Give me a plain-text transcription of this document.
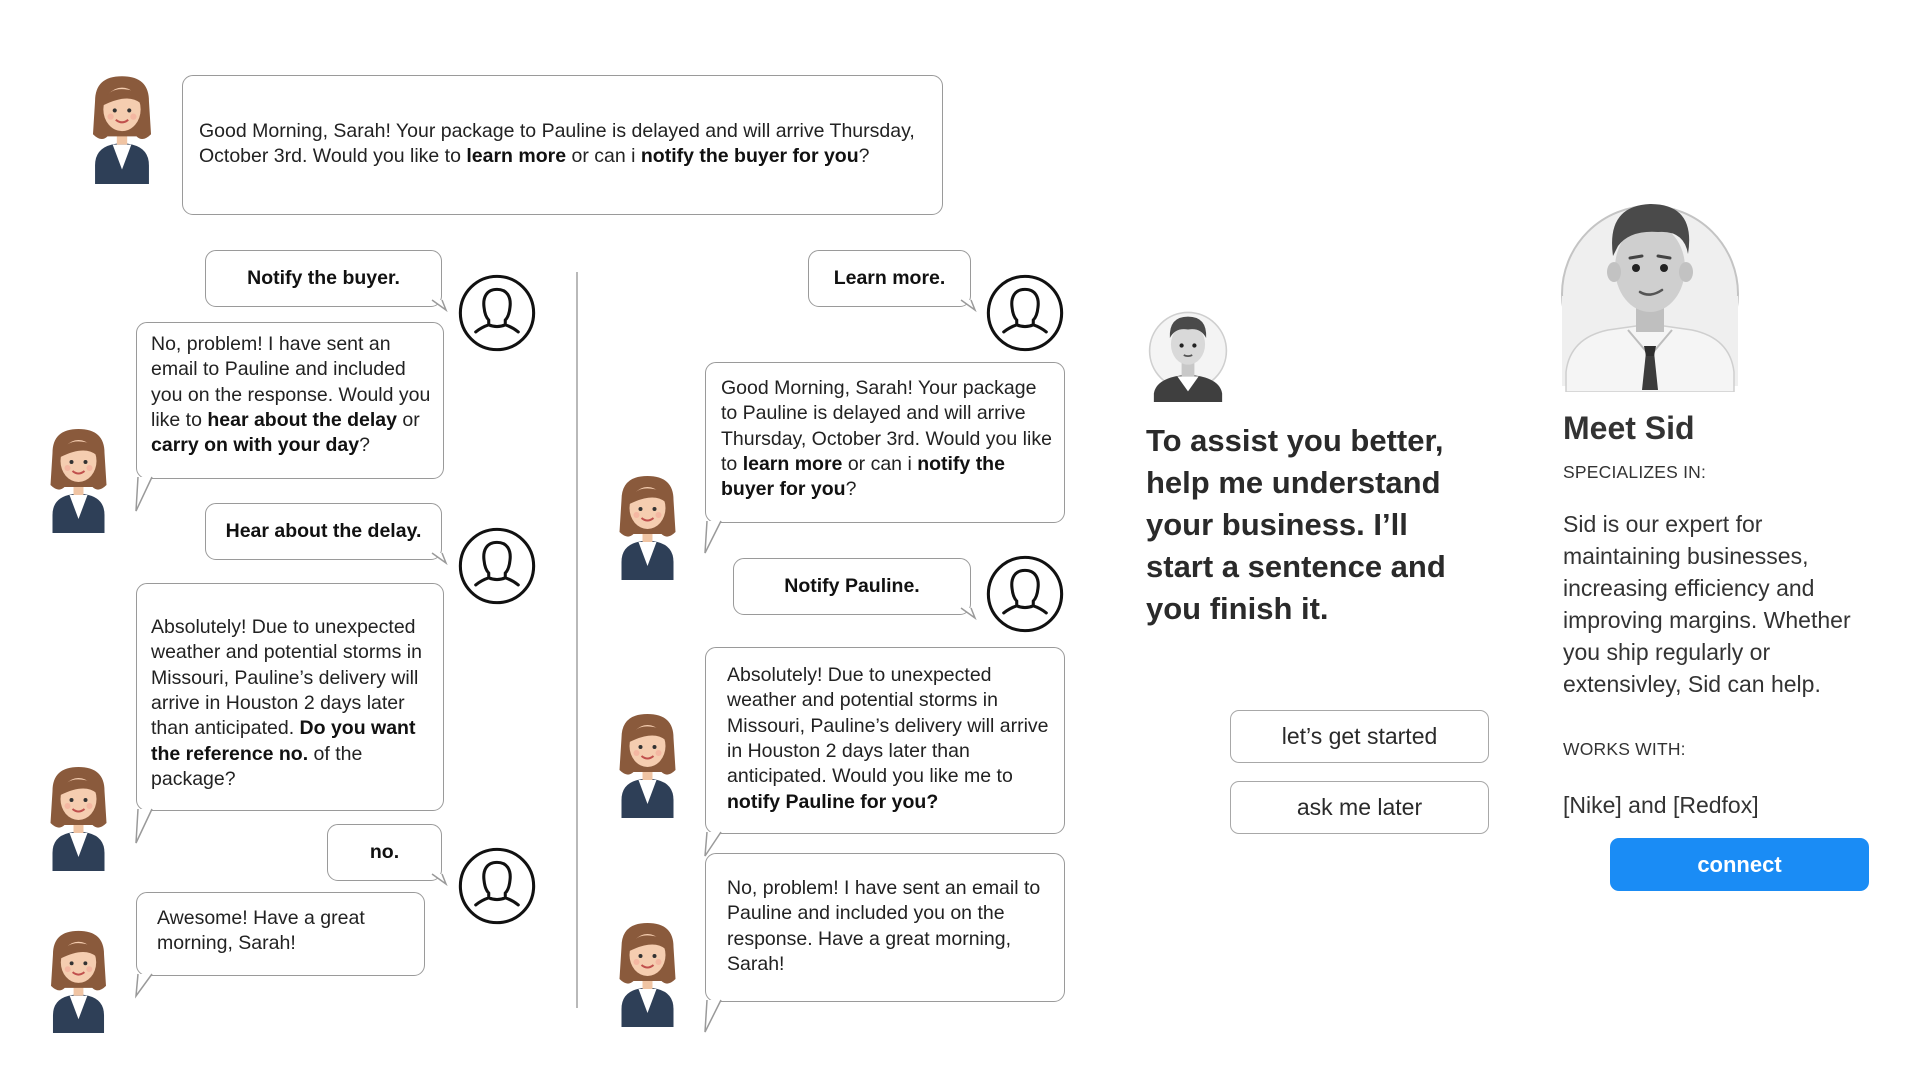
Good Morning, Sarah! Your package to Pauline is delayed and will arrive Thursday, October 3rd. Would you like to learn more or can i notify the buyer for you?
Notify the buyer.
No, problem! I have sent an email to Pauline and included you on the response. Would you like to hear about the delay or carry on with your day?
Hear about the delay.
Absolutely! Due to unexpected weather and potential storms in Missouri, Pauline’s delivery will arrive in Houston 2 days later than anticipated. Do you want the reference no. of the package?
no.
Awesome! Have a great morning, Sarah!
Learn more.
Good Morning, Sarah! Your package to Pauline is delayed and will arrive Thursday, October 3rd. Would you like to learn more or can i notify the buyer for you?
Notify Pauline.
Absolutely! Due to unexpected weather and potential storms in Missouri, Pauline’s delivery will arrive in Houston 2 days later than anticipated. Would you like me to notify Pauline for you?
No, problem! I have sent an email to Pauline and included you on the response. Have a great morning, Sarah!
To assist you better, help me understand your business. I’ll start a sentence and you finish it.
let’s get started
ask me later
Meet Sid
SPECIALIZES IN:
Sid is our expert for maintaining businesses, increasing efficiency and improving margins. Whether you ship regularly or extensivley, Sid can help.
WORKS WITH:
[Nike] and [Redfox]
connect
